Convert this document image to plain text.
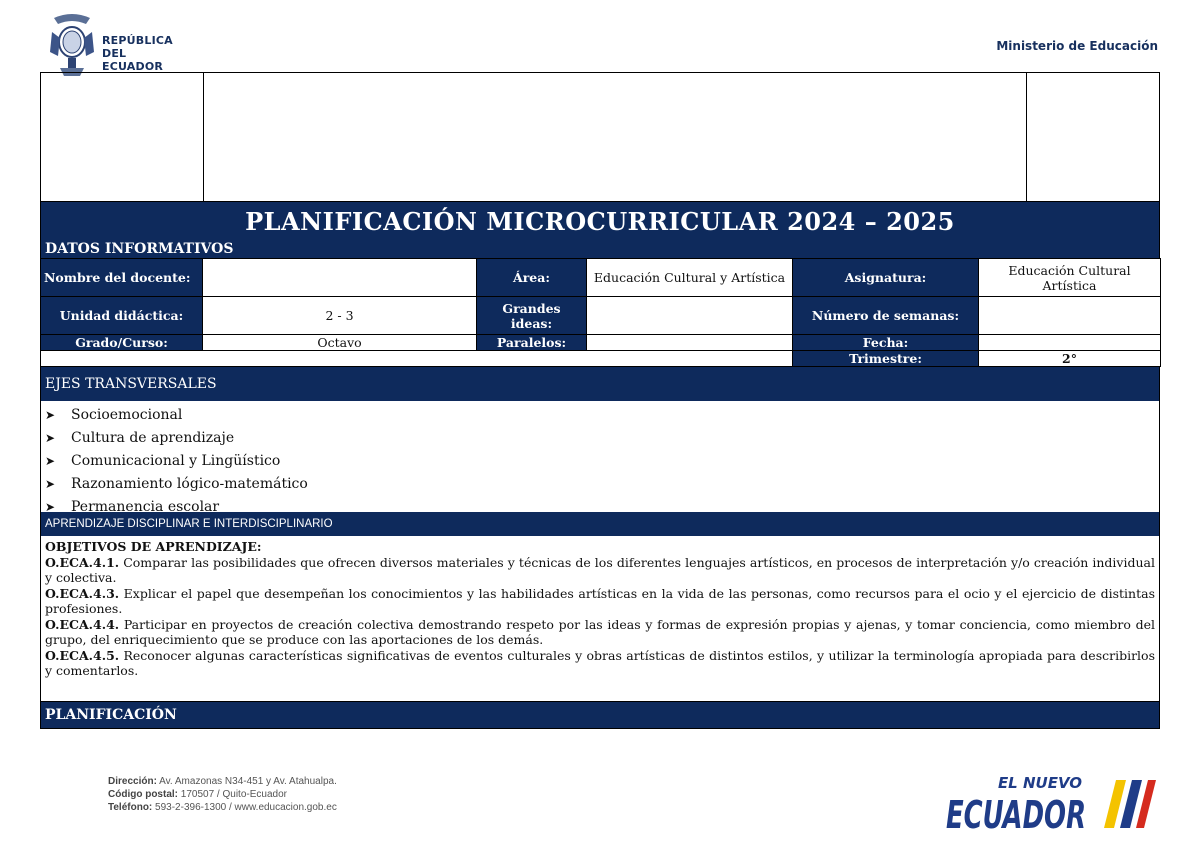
REPÚBLICA
DEL ECUADOR
Ministerio de Educación
PLANIFICACIÓN MICROCURRICULAR 2024 – 2025
DATOS INFORMATIVOS
Nombre del docente:		Área:	Educación Cultural y Artística	Asignatura:	Educación Cultural Artística
Unidad didáctica:	2 - 3	Grandes ideas:		Número de semanas:	
Grado/Curso:	Octavo	Paralelos:		Fecha:	
				Trimestre:	2°
EJES TRANSVERSALES
➤	Socioemocional
➤	Cultura de aprendizaje
➤	Comunicacional y Lingüístico
➤	Razonamiento lógico-matemático
➤	Permanencia escolar
APRENDIZAJE DISCIPLINAR E INTERDISCIPLINARIO
OBJETIVOS DE APRENDIZAJE:
O.ECA.4.1. Comparar las posibilidades que ofrecen diversos materiales y técnicas de los diferentes lenguajes artísticos, en procesos de interpretación y/o creación individual y colectiva.
O.ECA.4.3. Explicar el papel que desempeñan los conocimientos y las habilidades artísticas en la vida de las personas, como recursos para el ocio y el ejercicio de distintas profesiones.
O.ECA.4.4. Participar en proyectos de creación colectiva demostrando respeto por las ideas y formas de expresión propias y ajenas, y tomar conciencia, como miembro del grupo, del enriquecimiento que se produce con las aportaciones de los demás.
O.ECA.4.5. Reconocer algunas características significativas de eventos culturales y obras artísticas de distintos estilos, y utilizar la terminología apropiada para describirlos y comentarlos.
PLANIFICACIÓN
Dirección: Av. Amazonas N34-451 y Av. Atahualpa.
Código postal: 170507 / Quito-Ecuador
Teléfono: 593-2-396-1300 / www.educacion.gob.ec
EL NUEVO
ECUADOR
